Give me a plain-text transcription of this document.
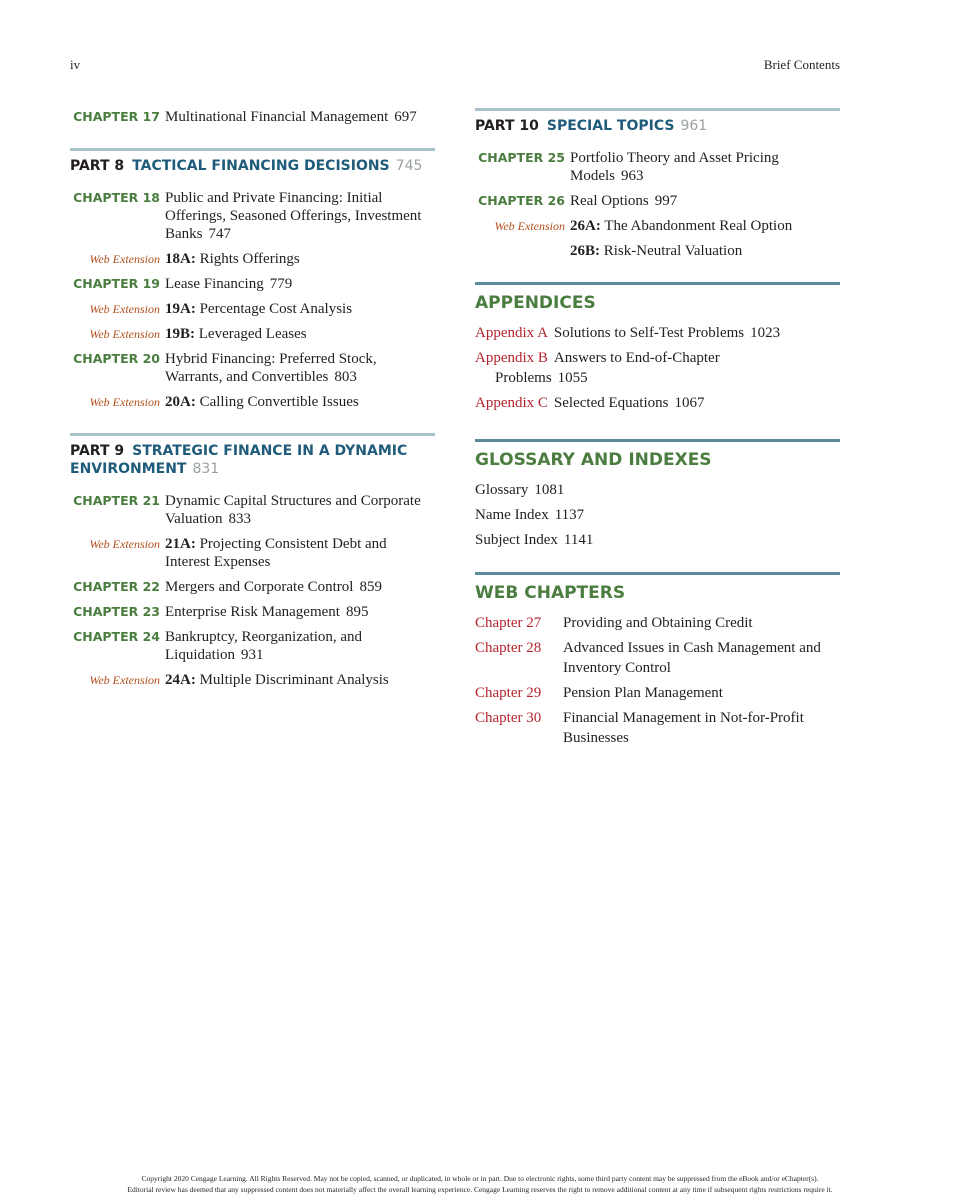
iv	Brief Contents
CHAPTER 17 Multinational Financial Management 697
PART 8 TACTICAL FINANCING DECISIONS 745
CHAPTER 18 Public and Private Financing: Initial Offerings, Seasoned Offerings, Investment Banks 747
Web Extension 18A: Rights Offerings
CHAPTER 19 Lease Financing 779
Web Extension 19A: Percentage Cost Analysis
Web Extension 19B: Leveraged Leases
CHAPTER 20 Hybrid Financing: Preferred Stock, Warrants, and Convertibles 803
Web Extension 20A: Calling Convertible Issues
PART 9 STRATEGIC FINANCE IN A DYNAMIC ENVIRONMENT 831
CHAPTER 21 Dynamic Capital Structures and Corporate Valuation 833
Web Extension 21A: Projecting Consistent Debt and Interest Expenses
CHAPTER 22 Mergers and Corporate Control 859
CHAPTER 23 Enterprise Risk Management 895
CHAPTER 24 Bankruptcy, Reorganization, and Liquidation 931
Web Extension 24A: Multiple Discriminant Analysis
PART 10 SPECIAL TOPICS 961
CHAPTER 25 Portfolio Theory and Asset Pricing Models 963
CHAPTER 26 Real Options 997
Web Extension 26A: The Abandonment Real Option
26B: Risk-Neutral Valuation
APPENDICES
Appendix A Solutions to Self-Test Problems 1023
Appendix B Answers to End-of-Chapter
Problems 1055
Appendix C Selected Equations 1067
GLOSSARY AND INDEXES
Glossary 1081
Name Index 1137
Subject Index 1141
WEB CHAPTERS
Chapter 27	Providing and Obtaining Credit
Chapter 28	Advanced Issues in Cash Management and Inventory Control
Chapter 29	Pension Plan Management
Chapter 30	Financial Management in Not-for-Profit Businesses
Copyright 2020 Cengage Learning. All Rights Reserved. May not be copied, scanned, or duplicated, in whole or in part. Due to electronic rights, some third party content may be suppressed from the eBook and/or eChapter(s).
Editorial review has deemed that any suppressed content does not materially affect the overall learning experience. Cengage Learning reserves the right to remove additional content at any time if subsequent rights restrictions require it.
